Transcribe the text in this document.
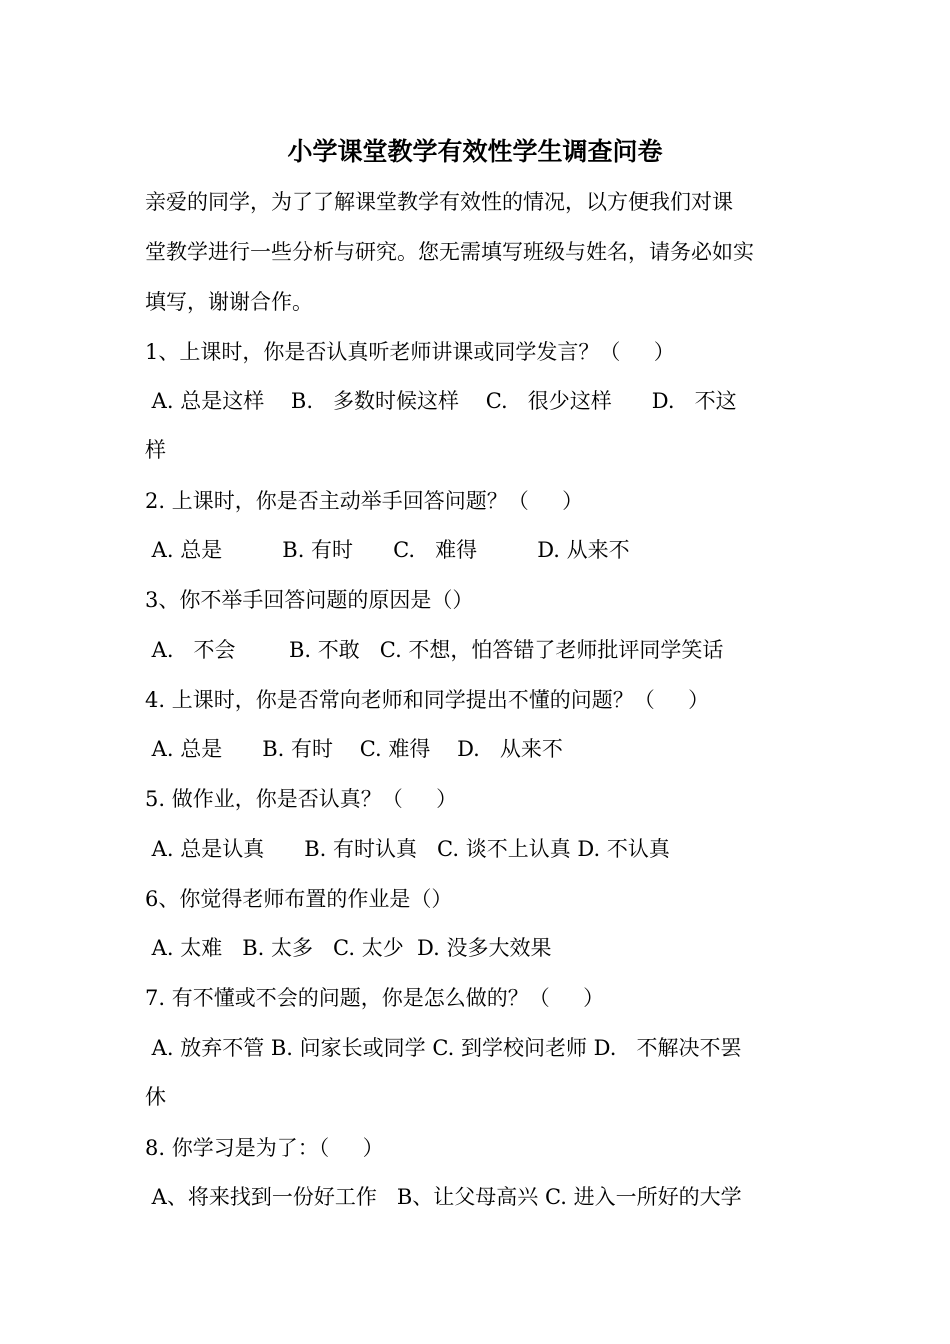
小学课堂教学有效性学生调查问卷
亲爱的同学，为了了解课堂教学有效性的情况，以方便我们对课
堂教学进行一些分析与研究。您无需填写班级与姓名，请务必如实
填写，谢谢合作。
1、上课时，你是否认真听老师讲课或同学发言？（     ）
A. 总是这样    B.   多数时候这样    C.   很少这样      D.   不这
样
2. 上课时，你是否主动举手回答问题？（     ）
A. 总是         B. 有时      C.   难得         D. 从来不
3、你不举手回答问题的原因是（）
A.   不会        B. 不敢   C. 不想，怕答错了老师批评同学笑话
4. 上课时，你是否常向老师和同学提出不懂的问题？（     ）
A. 总是      B. 有时    C. 难得    D.   从来不
5. 做作业，你是否认真？（     ）
A. 总是认真      B. 有时认真   C. 谈不上认真 D. 不认真
6、你觉得老师布置的作业是（）
A. 太难   B. 太多   C. 太少  D. 没多大效果
7. 有不懂或不会的问题，你是怎么做的？（     ）
A. 放弃不管 B. 问家长或同学 C. 到学校问老师 D.   不解决不罢
休
8. 你学习是为了：（     ）
A、将来找到一份好工作   B、让父母高兴 C. 进入一所好的大学
